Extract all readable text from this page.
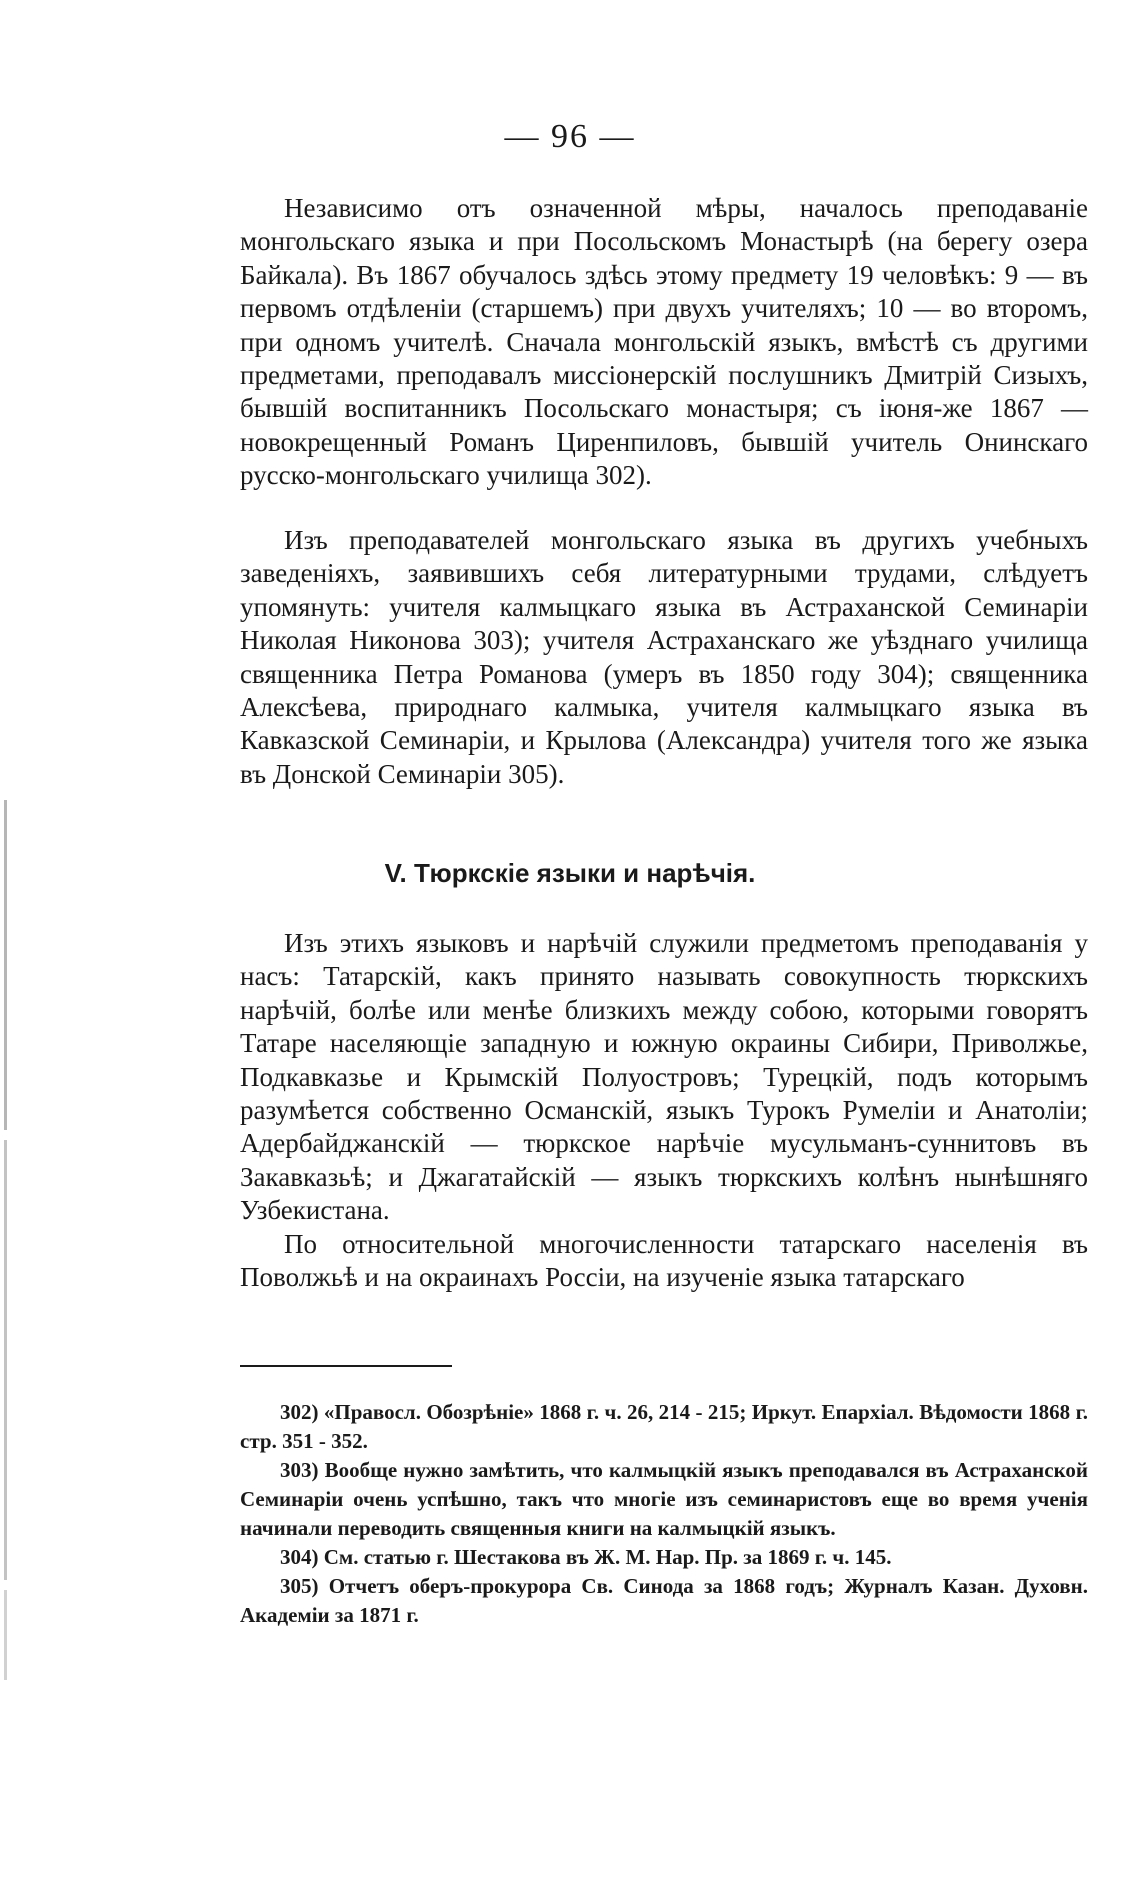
— 96 —

Независимо отъ означенной мѣры, началось преподаваніе монгольскаго языка и при Посольскомъ Монастырѣ (на берегу озера Байкала). Въ 1867 обучалось здѣсь этому предмету 19 человѣкъ: 9 — въ первомъ отдѣленіи (старшемъ) при двухъ учителяхъ; 10 — во второмъ, при одномъ учителѣ. Сначала монгольскій языкъ, вмѣстѣ съ другими предметами, преподавалъ миссіонерскій послушникъ Дмитрій Сизыхъ, бывшій воспитанникъ Посольскаго монастыря; съ іюня-же 1867 — новокрещенный Романъ Циренпиловъ, бывшій учитель Онинскаго русско-монгольскаго училища 302).

Изъ преподавателей монгольскаго языка въ другихъ учебныхъ заведеніяхъ, заявившихъ себя литературными трудами, слѣдуетъ упомянуть: учителя калмыцкаго языка въ Астраханской Семинаріи Николая Никонова 303); учителя Астраханскаго же уѣзднаго училища священника Петра Романова (умеръ въ 1850 году 304); священника Алексѣева, природнаго калмыка, учителя калмыцкаго языка въ Кавказской Семинаріи, и Крылова (Александра) учителя того же языка въ Донской Семинаріи 305).

V. Тюркскіе языки и нарѣчія.

Изъ этихъ языковъ и нарѣчій служили предметомъ преподаванія у насъ: Татарскій, какъ принято называть совокупность тюркскихъ нарѣчій, болѣе или менѣе близкихъ между собою, которыми говорятъ Татаре населяющіе западную и южную окраины Сибири, Приволжье, Подкавказье и Крымскій Полуостровъ; Турецкій, подъ которымъ разумѣется собственно Османскій, языкъ Турокъ Румеліи и Анатоліи; Адербайджанскій — тюркское нарѣчіе мусульманъ-суннитовъ въ Закавказьѣ; и Джагатайскій — языкъ тюркскихъ колѣнъ нынѣшняго Узбекистана.

По относительной многочисленности татарскаго населенія въ Поволжьѣ и на окраинахъ Россіи, на изученіе языка татарскаго

302) «Правосл. Обозрѣніе» 1868 г. ч. 26, 214 - 215; Иркут. Епархіал. Вѣдомости 1868 г. стр. 351 - 352.

303) Вообще нужно замѣтить, что калмыцкій языкъ преподавался въ Астраханской Семинаріи очень успѣшно, такъ что многіе изъ семинаристовъ еще во время ученія начинали переводить священныя книги на калмыцкій языкъ.

304) См. статью г. Шестакова въ Ж. М. Нар. Пр. за 1869 г. ч. 145.

305) Отчетъ оберъ-прокурора Св. Синода за 1868 годъ; Журналъ Казан. Духовн. Академіи за 1871 г.
